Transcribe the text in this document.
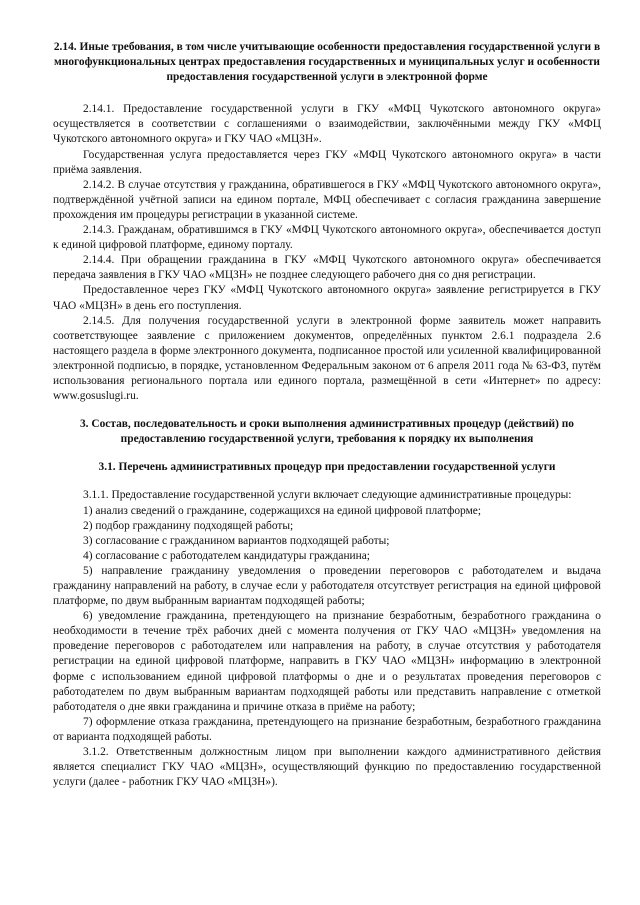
2.14. Иные требования, в том числе учитывающие особенности предоставления государственной услуги в многофункциональных центрах предоставления государственных и муниципальных услуг и особенности предоставления государственной услуги в электронной форме

2.14.1. Предоставление государственной услуги в ГКУ «МФЦ Чукотского автономного округа» осуществляется в соответствии с соглашениями о взаимодействии, заключёнными между ГКУ «МФЦ Чукотского автономного округа» и ГКУ ЧАО «МЦЗН».

Государственная услуга предоставляется через ГКУ «МФЦ Чукотского автономного округа» в части приёма заявления.

2.14.2. В случае отсутствия у гражданина, обратившегося в ГКУ «МФЦ Чукотского автономного округа», подтверждённой учётной записи на едином портале, МФЦ обеспечивает с согласия гражданина завершение прохождения им процедуры регистрации в указанной системе.

2.14.3. Гражданам, обратившимся в ГКУ «МФЦ Чукотского автономного округа», обеспечивается доступ к единой цифровой платформе, единому порталу.

2.14.4. При обращении гражданина в ГКУ «МФЦ Чукотского автономного округа» обеспечивается передача заявления в ГКУ ЧАО «МЦЗН» не позднее следующего рабочего дня со дня регистрации.

Предоставленное через ГКУ «МФЦ Чукотского автономного округа» заявление регистрируется в ГКУ ЧАО «МЦЗН» в день его поступления.

2.14.5. Для получения государственной услуги в электронной форме заявитель может направить соответствующее заявление с приложением документов, определённых пунктом 2.6.1 подраздела 2.6 настоящего раздела в форме электронного документа, подписанное простой или усиленной квалифицированной электронной подписью, в порядке, установленном Федеральным законом от 6 апреля 2011 года № 63-ФЗ, путём использования регионального портала или единого портала, размещённой в сети «Интернет» по адресу: www.gosuslugi.ru.

3. Состав, последовательность и сроки выполнения административных процедур (действий) по предоставлению государственной услуги, требования к порядку их выполнения
3.1. Перечень административных процедур при предоставлении государственной услуги

3.1.1. Предоставление государственной услуги включает следующие административные процедуры:

1) анализ сведений о гражданине, содержащихся на единой цифровой платформе;

2) подбор гражданину подходящей работы;

3) согласование с гражданином вариантов подходящей работы;

4) согласование с работодателем кандидатуры гражданина;

5) направление гражданину уведомления о проведении переговоров с работодателем и выдача гражданину направлений на работу, в случае если у работодателя отсутствует регистрация на единой цифровой платформе, по двум выбранным вариантам подходящей работы;

6) уведомление гражданина, претендующего на признание безработным, безработного гражданина о необходимости в течение трёх рабочих дней с момента получения от ГКУ ЧАО «МЦЗН» уведомления на проведение переговоров с работодателем или направления на работу, в случае отсутствия у работодателя регистрации на единой цифровой платформе, направить в ГКУ ЧАО «МЦЗН» информацию в электронной форме с использованием единой цифровой платформы о дне и о результатах проведения переговоров с работодателем по двум выбранным вариантам подходящей работы или представить направление с отметкой работодателя о дне явки гражданина и причине отказа в приёме на работу;

7) оформление отказа гражданина, претендующего на признание безработным, безработного гражданина от варианта подходящей работы.

3.1.2. Ответственным должностным лицом при выполнении каждого административного действия является специалист ГКУ ЧАО «МЦЗН», осуществляющий функцию по предоставлению государственной услуги (далее - работник ГКУ ЧАО «МЦЗН»).
